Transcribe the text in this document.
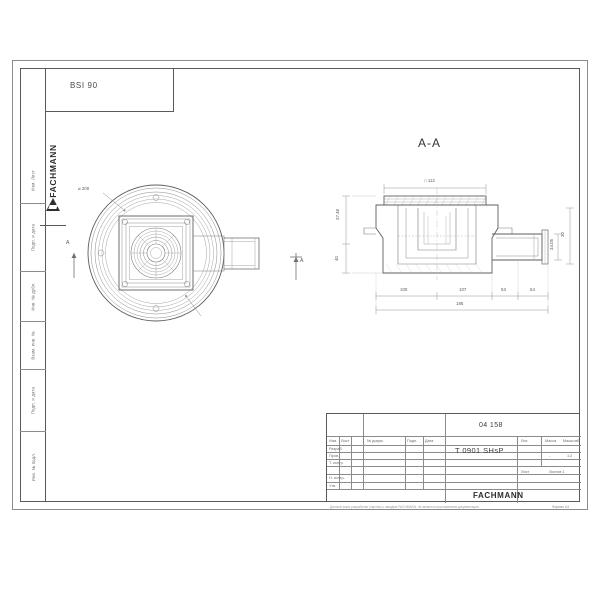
FACHMANN
Изм. Лист
Подп. и дата
Инв. № дубл.
Взам. инв. №
Подп. и дата
Инв. № подл.
BSI 90
⌀ 200
A
A
A-A
□ 112
37.48
40
34.05
30
100	107	53	54
185
04 158
Изм. Лист	№ докум.	Подп. Дата
Разраб.
Пров.
Т. контр.
Н. контр.
Утв.
T 0901 SHsP
Лит.	Масса Масштаб
-	1:2
Лист	Листов 1
FACHMANN
Данный эскиз разработан (чертеж) с заводом FACHMANN, не является приложением документации.	Формат A4
